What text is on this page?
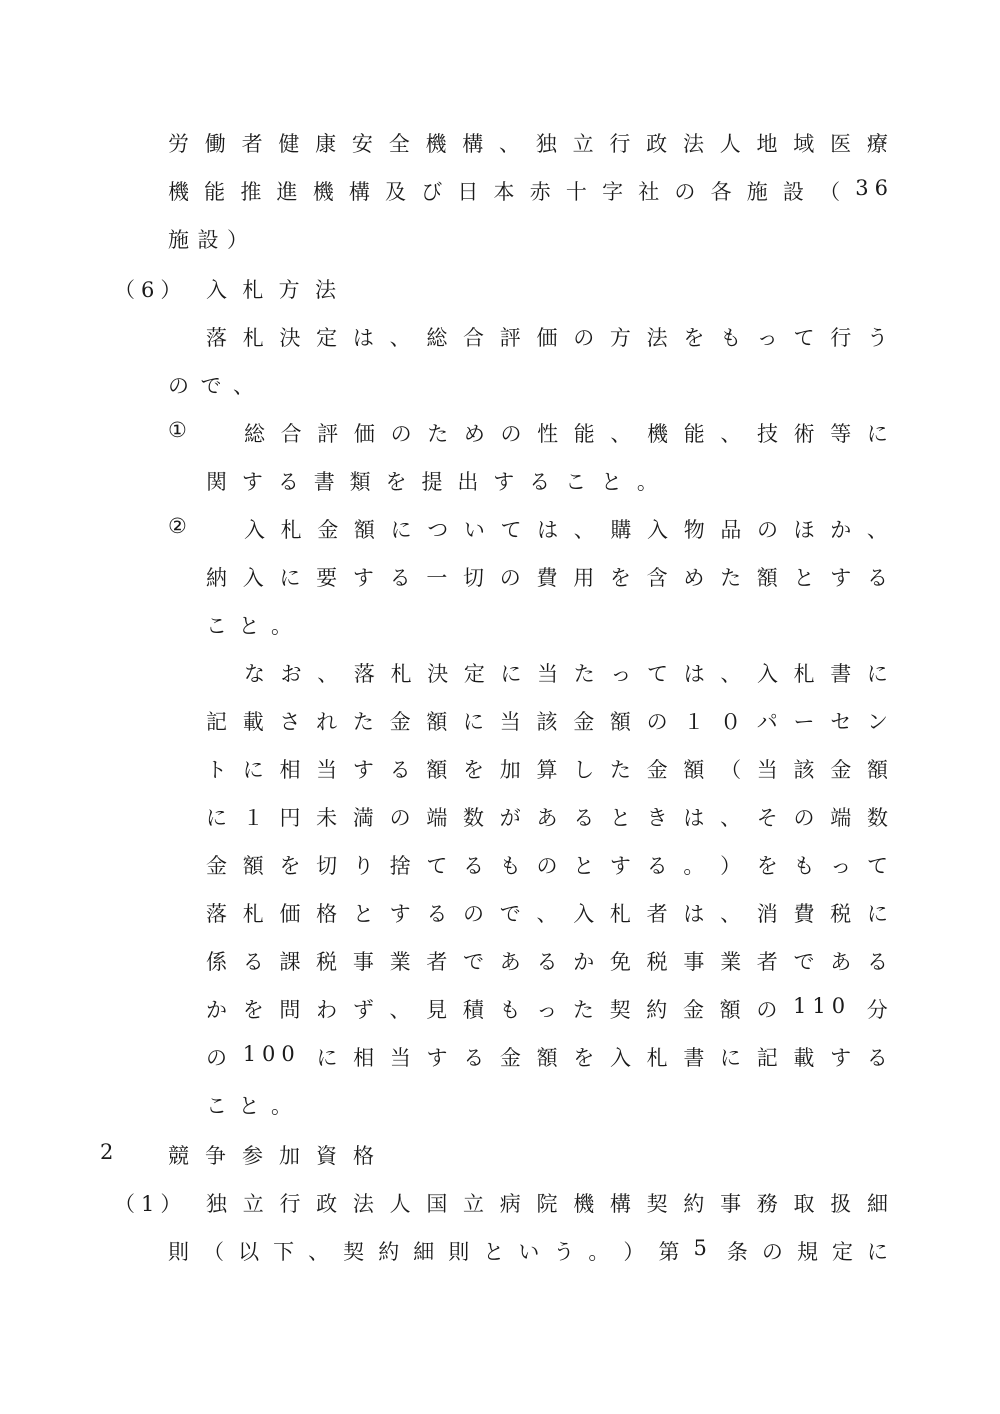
労 働 者 健 康 安 全 機 構 、 独 立 行 政 法 人 地 域 医 療
機 能 推 進 機 構 及 び 日 本 赤 十 字 社 の 各 施 設 （ 36
施 設 ）
（6） 入 札 方 法
落 札 決 定 は 、 総 合 評 価 の 方 法 を も っ て 行 う
の で 、
① 総 合 評 価 の た め の 性 能 、 機 能 、 技 術 等 に
関 す る 書 類 を 提 出 す る こ と 。
② 入 札 金 額 に つ い て は 、 購 入 物 品 の ほ か 、
納 入 に 要 す る 一 切 の 費 用 を 含 め た 額 と す る
こ と 。
な お 、 落 札 決 定 に 当 た っ て は 、 入 札 書 に
記 載 さ れ た 金 額 に 当 該 金 額 の １ ０ パ ー セ ン
ト に 相 当 す る 額 を 加 算 し た 金 額 （ 当 該 金 額
に １ 円 未 満 の 端 数 が あ る と き は 、 そ の 端 数
金 額 を 切 り 捨 て る も の と す る 。 ） を も っ て
落 札 価 格 と す る の で 、 入 札 者 は 、 消 費 税 に
係 る 課 税 事 業 者 で あ る か 免 税 事 業 者 で あ る
か を 問 わ ず 、 見 積 も っ た 契 約 金 額 の 110 分
の 100 に 相 当 す る 金 額 を 入 札 書 に 記 載 す る
こ と 。
2 競 争 参 加 資 格
（1） 独 立 行 政 法 人 国 立 病 院 機 構 契 約 事 務 取 扱 細
則 （ 以 下 、 契 約 細 則 と い う 。 ） 第 5 条 の 規 定 に
